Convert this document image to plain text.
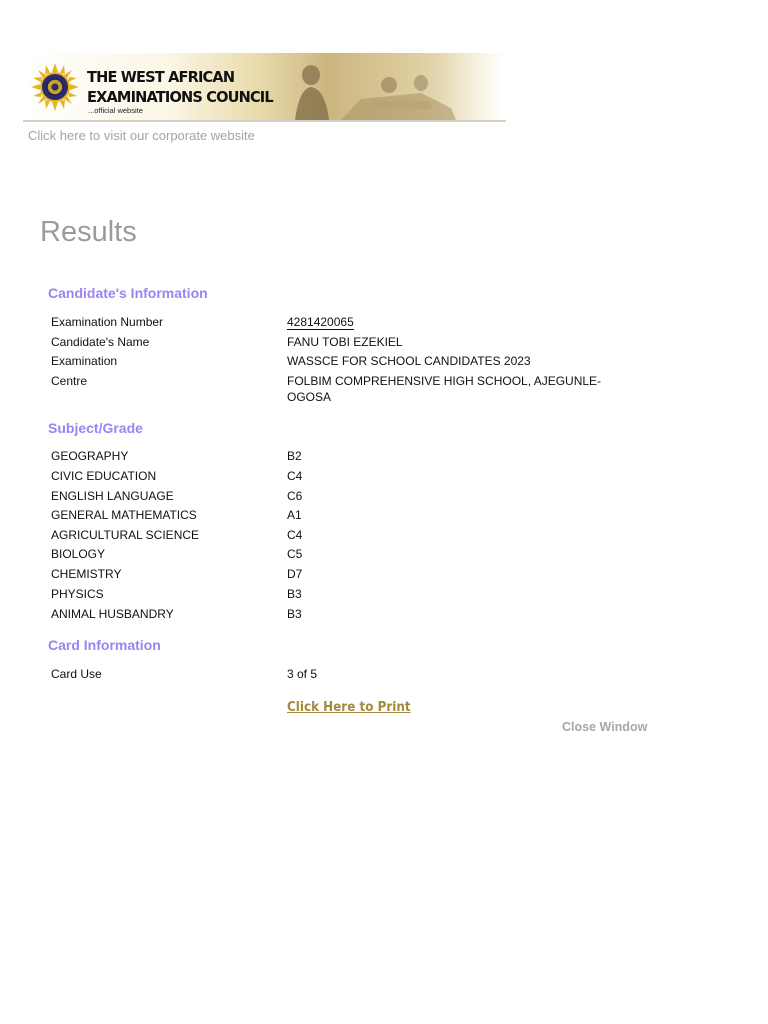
THE WEST AFRICAN
EXAMINATIONS COUNCIL
...official website
Click here to visit our corporate website
Results
Candidate's Information
Examination Number	4281420065
Candidate's Name	FANU TOBI EZEKIEL
Examination	WASSCE FOR SCHOOL CANDIDATES 2023
Centre	FOLBIM COMPREHENSIVE HIGH SCHOOL, AJEGUNLE-OGOSA
Subject/Grade
GEOGRAPHY	B2
CIVIC EDUCATION	C4
ENGLISH LANGUAGE	C6
GENERAL MATHEMATICS	A1
AGRICULTURAL SCIENCE	C4
BIOLOGY	C5
CHEMISTRY	D7
PHYSICS	B3
ANIMAL HUSBANDRY	B3
Card Information
Card Use	3 of 5
Click Here to Print
Close Window
